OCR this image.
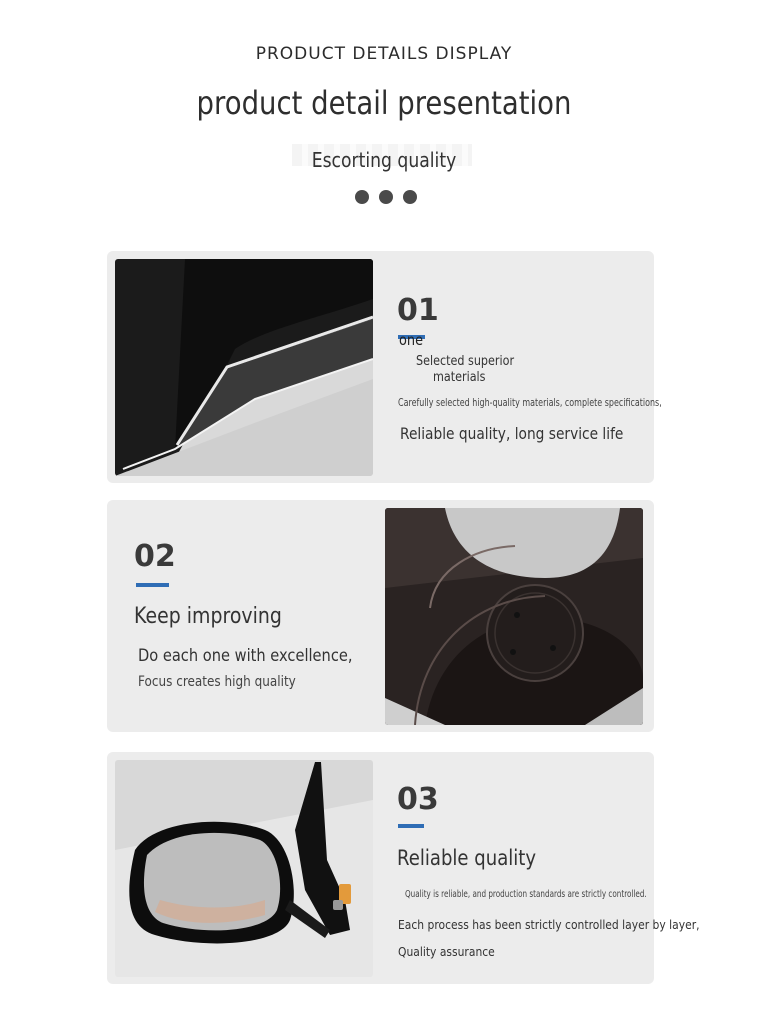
PRODUCT DETAILS DISPLAY
product detail presentation
Escorting quality
01
one
Selected superior
materials
Carefully selected high-quality materials, complete specifications,
Reliable quality, long service life
02
Keep improving
Do each one with excellence,
Focus creates high quality
03
Reliable quality
Quality is reliable, and production standards are strictly controlled.
Each process has been strictly controlled layer by layer,
Quality assurance
